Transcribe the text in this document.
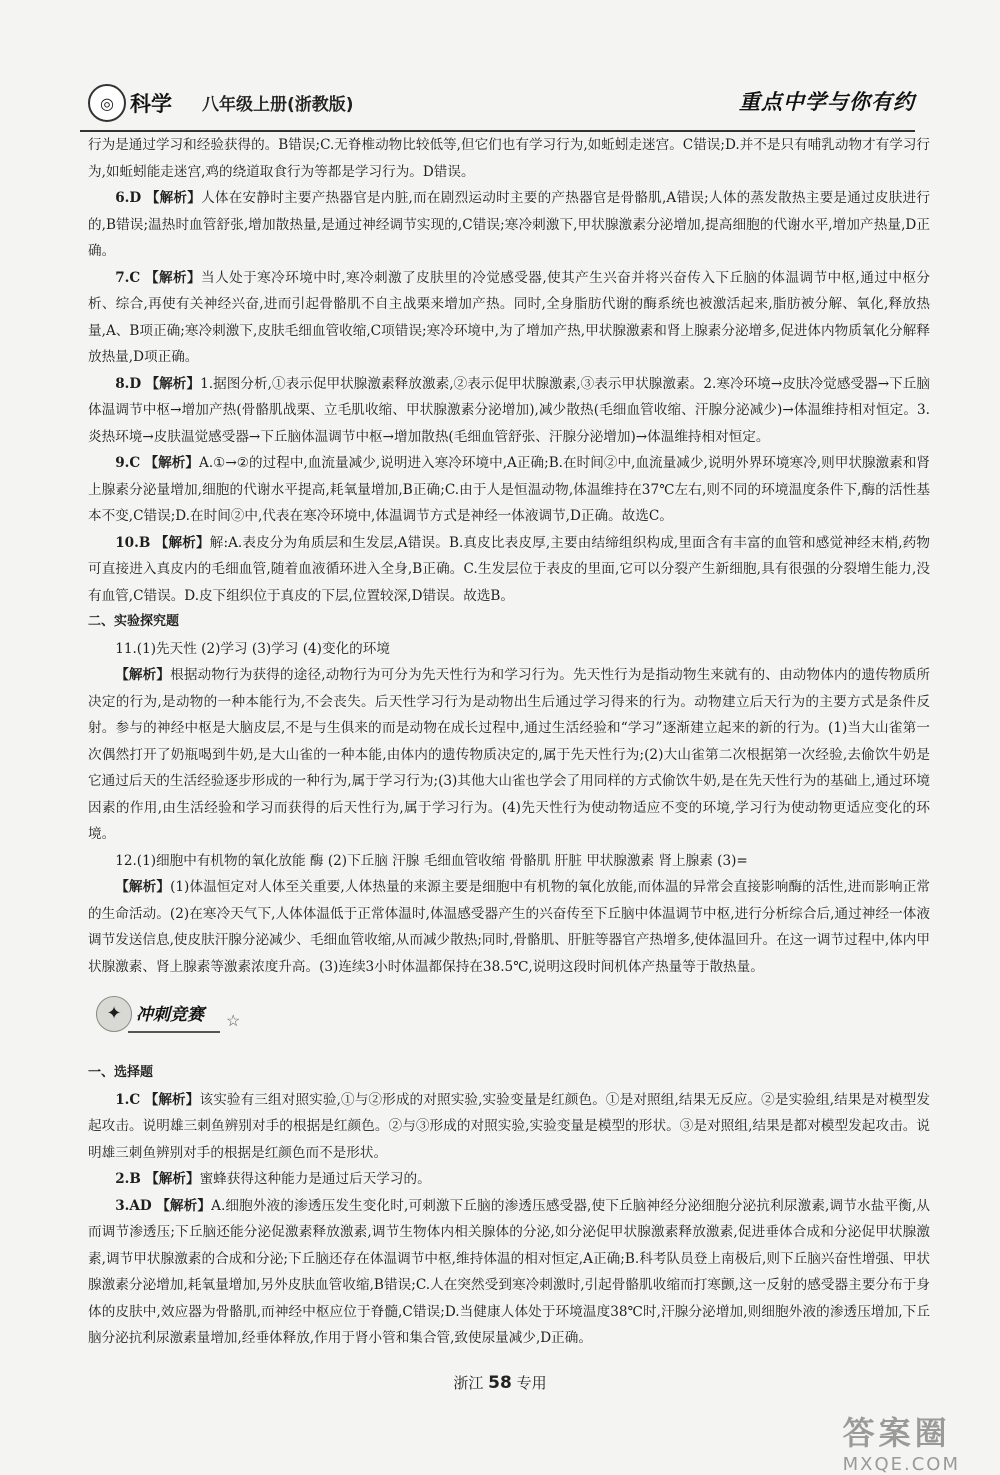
◎ 科学 八年级上册(浙教版)	重点中学与你有约

行为是通过学习和经验获得的。B错误;C.无脊椎动物比较低等,但它们也有学习行为,如蚯蚓走迷宫。C错误;D.并不是只有哺乳动物才有学习行为,如蚯蚓能走迷宫,鸡的绕道取食行为等都是学习行为。D错误。

6.D 【解析】人体在安静时主要产热器官是内脏,而在剧烈运动时主要的产热器官是骨骼肌,A错误;人体的蒸发散热主要是通过皮肤进行的,B错误;温热时血管舒张,增加散热量,是通过神经调节实现的,C错误;寒冷刺激下,甲状腺激素分泌增加,提高细胞的代谢水平,增加产热量,D正确。

7.C 【解析】当人处于寒冷环境中时,寒冷刺激了皮肤里的冷觉感受器,使其产生兴奋并将兴奋传入下丘脑的体温调节中枢,通过中枢分析、综合,再使有关神经兴奋,进而引起骨骼肌不自主战栗来增加产热。同时,全身脂肪代谢的酶系统也被激活起来,脂肪被分解、氧化,释放热量,A、B项正确;寒冷刺激下,皮肤毛细血管收缩,C项错误;寒冷环境中,为了增加产热,甲状腺激素和肾上腺素分泌增多,促进体内物质氧化分解释放热量,D项正确。

8.D 【解析】1.据图分析,①表示促甲状腺激素释放激素,②表示促甲状腺激素,③表示甲状腺激素。2.寒冷环境→皮肤冷觉感受器→下丘脑体温调节中枢→增加产热(骨骼肌战栗、立毛肌收缩、甲状腺激素分泌增加),减少散热(毛细血管收缩、汗腺分泌减少)→体温维持相对恒定。3.炎热环境→皮肤温觉感受器→下丘脑体温调节中枢→增加散热(毛细血管舒张、汗腺分泌增加)→体温维持相对恒定。

9.C 【解析】A.①→②的过程中,血流量减少,说明进入寒冷环境中,A正确;B.在时间②中,血流量减少,说明外界环境寒冷,则甲状腺激素和肾上腺素分泌量增加,细胞的代谢水平提高,耗氧量增加,B正确;C.由于人是恒温动物,体温维持在37℃左右,则不同的环境温度条件下,酶的活性基本不变,C错误;D.在时间②中,代表在寒冷环境中,体温调节方式是神经一体液调节,D正确。故选C。

10.B 【解析】解:A.表皮分为角质层和生发层,A错误。B.真皮比表皮厚,主要由结缔组织构成,里面含有丰富的血管和感觉神经末梢,药物可直接进入真皮内的毛细血管,随着血液循环进入全身,B正确。C.生发层位于表皮的里面,它可以分裂产生新细胞,具有很强的分裂增生能力,没有血管,C错误。D.皮下组织位于真皮的下层,位置较深,D错误。故选B。

二、实验探究题

11.(1)先天性 (2)学习 (3)学习 (4)变化的环境

【解析】根据动物行为获得的途径,动物行为可分为先天性行为和学习行为。先天性行为是指动物生来就有的、由动物体内的遗传物质所决定的行为,是动物的一种本能行为,不会丧失。后天性学习行为是动物出生后通过学习得来的行为。动物建立后天行为的主要方式是条件反射。参与的神经中枢是大脑皮层,不是与生俱来的而是动物在成长过程中,通过生活经验和“学习”逐渐建立起来的新的行为。(1)当大山雀第一次偶然打开了奶瓶喝到牛奶,是大山雀的一种本能,由体内的遗传物质决定的,属于先天性行为;(2)大山雀第二次根据第一次经验,去偷饮牛奶是它通过后天的生活经验逐步形成的一种行为,属于学习行为;(3)其他大山雀也学会了用同样的方式偷饮牛奶,是在先天性行为的基础上,通过环境因素的作用,由生活经验和学习而获得的后天性行为,属于学习行为。(4)先天性行为使动物适应不变的环境,学习行为使动物更适应变化的环境。

12.(1)细胞中有机物的氧化放能 酶 (2)下丘脑 汗腺 毛细血管收缩 骨骼肌 肝脏 甲状腺激素 肾上腺素 (3)=

【解析】(1)体温恒定对人体至关重要,人体热量的来源主要是细胞中有机物的氧化放能,而体温的异常会直接影响酶的活性,进而影响正常的生命活动。(2)在寒冷天气下,人体体温低于正常体温时,体温感受器产生的兴奋传至下丘脑中体温调节中枢,进行分析综合后,通过神经一体液调节发送信息,使皮肤汗腺分泌减少、毛细血管收缩,从而减少散热;同时,骨骼肌、肝脏等器官产热增多,使体温回升。在这一调节过程中,体内甲状腺激素、肾上腺素等激素浓度升高。(3)连续3小时体温都保持在38.5℃,说明这段时间机体产热量等于散热量。

✦ 冲刺竞赛	☆

一、选择题

1.C 【解析】该实验有三组对照实验,①与②形成的对照实验,实验变量是红颜色。①是对照组,结果无反应。②是实验组,结果是对模型发起攻击。说明雄三刺鱼辨别对手的根据是红颜色。②与③形成的对照实验,实验变量是模型的形状。③是对照组,结果是都对模型发起攻击。说明雄三刺鱼辨别对手的根据是红颜色而不是形状。

2.B 【解析】蜜蜂获得这种能力是通过后天学习的。

3.AD 【解析】A.细胞外液的渗透压发生变化时,可刺激下丘脑的渗透压感受器,使下丘脑神经分泌细胞分泌抗利尿激素,调节水盐平衡,从而调节渗透压;下丘脑还能分泌促激素释放激素,调节生物体内相关腺体的分泌,如分泌促甲状腺激素释放激素,促进垂体合成和分泌促甲状腺激素,调节甲状腺激素的合成和分泌;下丘脑还存在体温调节中枢,维持体温的相对恒定,A正确;B.科考队员登上南极后,则下丘脑兴奋性增强、甲状腺激素分泌增加,耗氧量增加,另外皮肤血管收缩,B错误;C.人在突然受到寒冷刺激时,引起骨骼肌收缩而打寒颤,这一反射的感受器主要分布于身体的皮肤中,效应器为骨骼肌,而神经中枢应位于脊髓,C错误;D.当健康人体处于环境温度38℃时,汗腺分泌增加,则细胞外液的渗透压增加,下丘脑分泌抗利尿激素量增加,经垂体释放,作用于肾小管和集合管,致使尿量减少,D正确。

浙江 58 专用
答案圈
MXQE.COM
